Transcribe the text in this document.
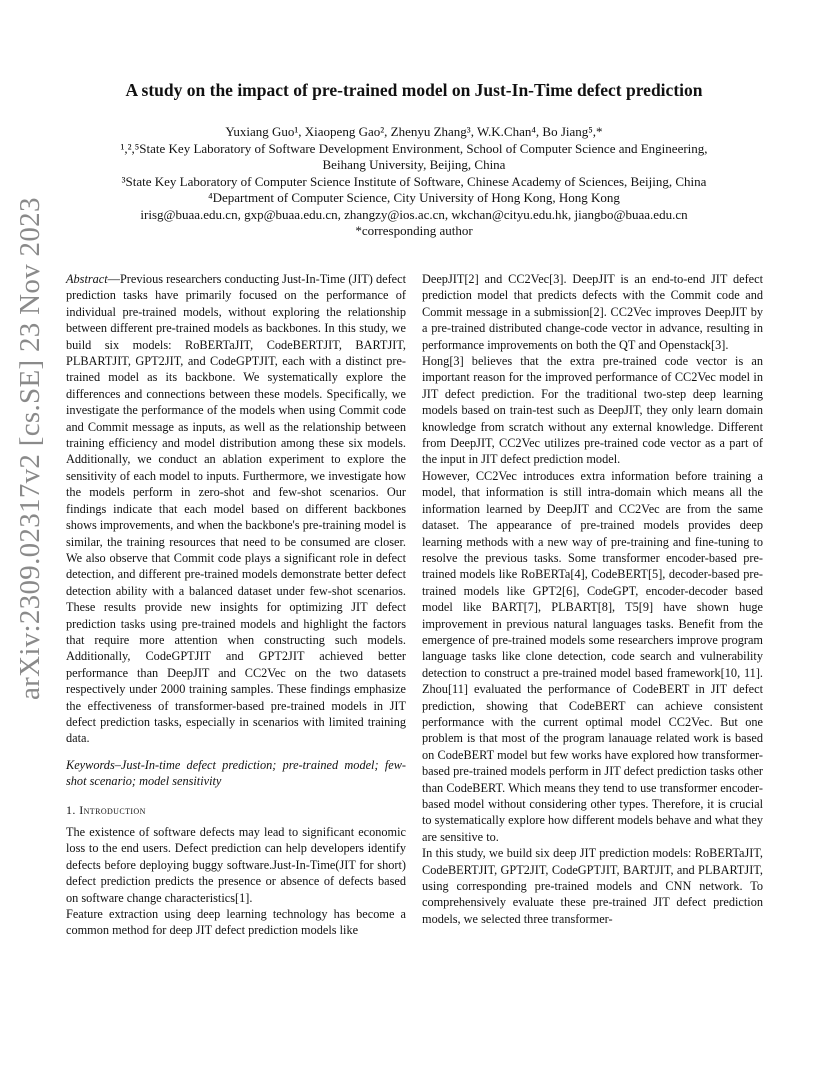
arXiv:2309.02317v2 [cs.SE] 23 Nov 2023
A study on the impact of pre-trained model on Just-In-Time defect prediction
Yuxiang Guo¹, Xiaopeng Gao², Zhenyu Zhang³, W.K.Chan⁴, Bo Jiang⁵,*
¹,²,⁵State Key Laboratory of Software Development Environment, School of Computer Science and Engineering,
Beihang University, Beijing, China
³State Key Laboratory of Computer Science Institute of Software, Chinese Academy of Sciences, Beijing, China
⁴Department of Computer Science, City University of Hong Kong, Hong Kong
irisg@buaa.edu.cn, gxp@buaa.edu.cn, zhangzy@ios.ac.cn, wkchan@cityu.edu.hk, jiangbo@buaa.edu.cn
*corresponding author

Abstract—Previous researchers conducting Just-In-Time (JIT) defect prediction tasks have primarily focused on the performance of individual pre-trained models, without exploring the relationship between different pre-trained models as backbones. In this study, we build six models: RoBERTaJIT, CodeBERTJIT, BARTJIT, PLBARTJIT, GPT2JIT, and CodeGPTJIT, each with a distinct pre-trained model as its backbone. We systematically explore the differences and connections between these models. Specifically, we investigate the performance of the models when using Commit code and Commit message as inputs, as well as the relationship between training efficiency and model distribution among these six models. Additionally, we conduct an ablation experiment to explore the sensitivity of each model to inputs. Furthermore, we investigate how the models perform in zero-shot and few-shot scenarios. Our findings indicate that each model based on different backbones shows improvements, and when the backbone's pre-training model is similar, the training resources that need to be consumed are closer. We also observe that Commit code plays a significant role in defect detection, and different pre-trained models demonstrate better defect detection ability with a balanced dataset under few-shot scenarios. These results provide new insights for optimizing JIT defect prediction tasks using pre-trained models and highlight the factors that require more attention when constructing such models. Additionally, CodeGPTJIT and GPT2JIT achieved better performance than DeepJIT and CC2Vec on the two datasets respectively under 2000 training samples. These findings emphasize the effectiveness of transformer-based pre-trained models in JIT defect prediction tasks, especially in scenarios with limited training data.

Keywords–Just-In-time defect prediction; pre-trained model; few-shot scenario; model sensitivity

1. Introduction

The existence of software defects may lead to significant economic loss to the end users. Defect prediction can help developers identify defects before deploying buggy software.Just-In-Time(JIT for short) defect prediction predicts the presence or absence of defects based on software change characteristics[1].

Feature extraction using deep learning technology has become a common method for deep JIT defect prediction models like

DeepJIT[2] and CC2Vec[3]. DeepJIT is an end-to-end JIT defect prediction model that predicts defects with the Commit code and Commit message in a submission[2]. CC2Vec improves DeepJIT by a pre-trained distributed change-code vector in advance, resulting in performance improvements on both the QT and Openstack[3].

Hong[3] believes that the extra pre-trained code vector is an important reason for the improved performance of CC2Vec model in JIT defect prediction. For the traditional two-step deep learning models based on train-test such as DeepJIT, they only learn domain knowledge from scratch without any external knowledge. Different from DeepJIT, CC2Vec utilizes pre-trained code vector as a part of the input in JIT defect prediction model.

However, CC2Vec introduces extra information before training a model, that information is still intra-domain which means all the information learned by DeepJIT and CC2Vec are from the same dataset. The appearance of pre-trained models provides deep learning methods with a new way of pre-training and fine-tuning to resolve the previous tasks. Some transformer encoder-based pre-trained models like RoBERTa[4], CodeBERT[5], decoder-based pre-trained models like GPT2[6], CodeGPT, encoder-decoder based model like BART[7], PLBART[8], T5[9] have shown huge improvement in previous natural languages tasks. Benefit from the emergence of pre-trained models some researchers improve program language tasks like clone detection, code search and vulnerability detection to construct a pre-trained model based framework[10, 11]. Zhou[11] evaluated the performance of CodeBERT in JIT defect prediction, showing that CodeBERT can achieve consistent performance with the current optimal model CC2Vec. But one problem is that most of the program lanauage related work is based on CodeBERT model but few works have explored how transformer-based pre-trained models perform in JIT defect prediction tasks other than CodeBERT. Which means they tend to use transformer encoder-based model without considering other types. Therefore, it is crucial to systematically explore how different models behave and what they are sensitive to.

In this study, we build six deep JIT prediction models: RoBERTaJIT, CodeBERTJIT, GPT2JIT, CodeGPTJIT, BARTJIT, and PLBARTJIT, using corresponding pre-trained models and CNN network. To comprehensively evaluate these pre-trained JIT defect prediction models, we selected three transformer-
